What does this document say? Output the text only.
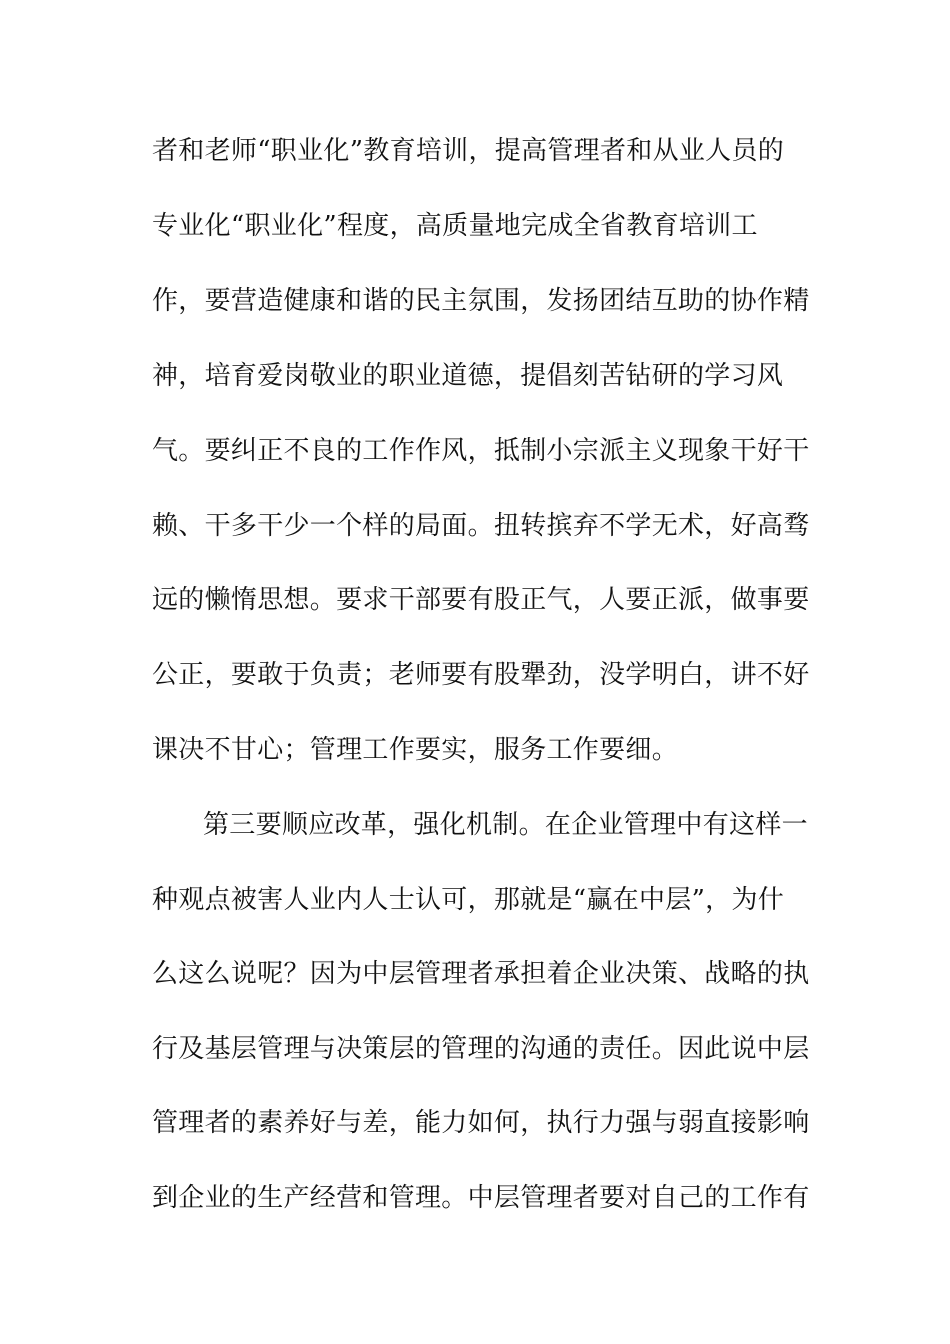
者和老师“职业化”教育培训，提高管理者和从业人员的
专业化“职业化”程度，高质量地完成全省教育培训工
作，要营造健康和谐的民主氛围，发扬团结互助的协作精
神，培育爱岗敬业的职业道德，提倡刻苦钻研的学习风
气。要纠正不良的工作作风，抵制小宗派主义现象干好干
赖、干多干少一个样的局面。扭转摈弃不学无术，好高骛
远的懒惰思想。要求干部要有股正气，人要正派，做事要
公正，要敢于负责；老师要有股犟劲，没学明白，讲不好
课决不甘心；管理工作要实，服务工作要细。
第三要顺应改革，强化机制。在企业管理中有这样一
种观点被害人业内人士认可，那就是“赢在中层”，为什
么这么说呢？因为中层管理者承担着企业决策、战略的执
行及基层管理与决策层的管理的沟通的责任。因此说中层
管理者的素养好与差，能力如何，执行力强与弱直接影响
到企业的生产经营和管理。中层管理者要对自己的工作有
